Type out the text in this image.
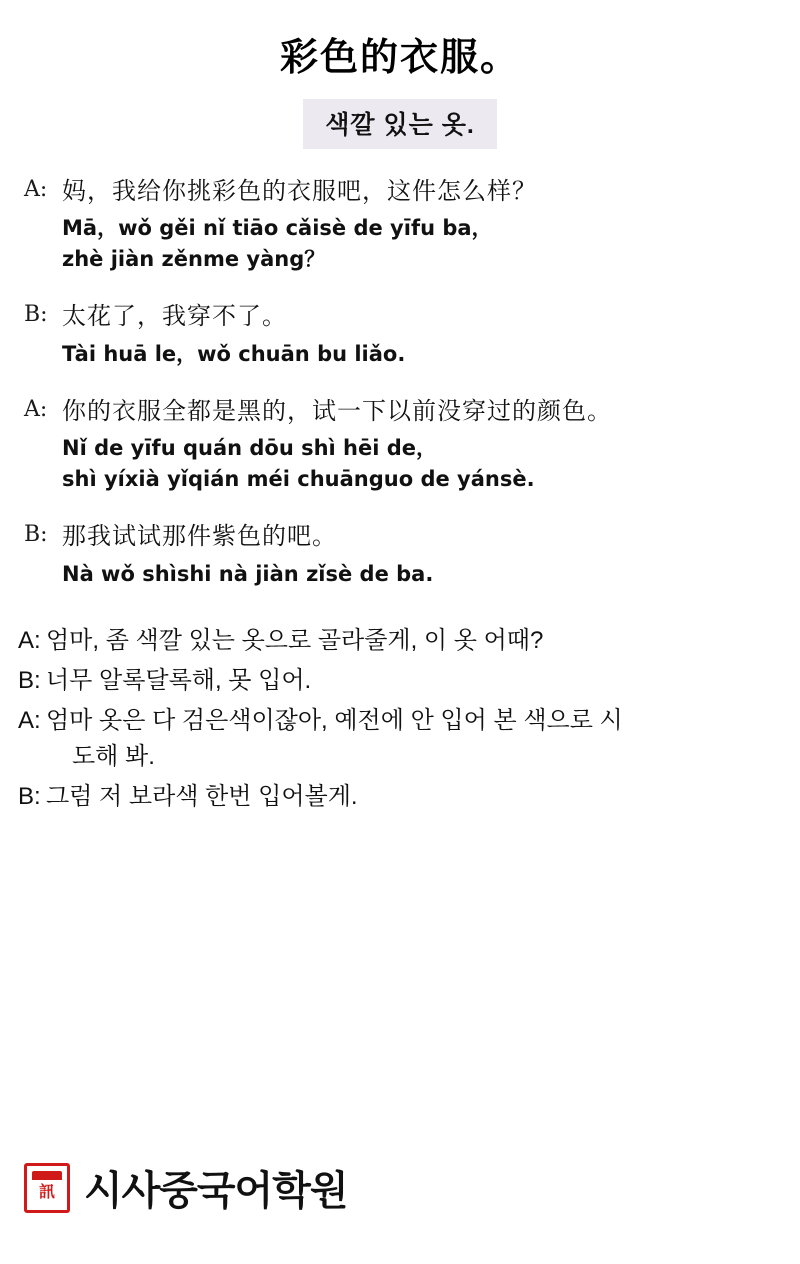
彩色的衣服。
색깔 있는 옷.
A: 妈，我给你挑彩色的衣服吧，这件怎么样？
Mā，wǒ gěi nǐ tiāo cǎisè de yīfu ba，
zhè jiàn zěnme yàng？
B: 太花了，我穿不了。
Tài huā le，wǒ chuān bu liǎo.
A: 你的衣服全都是黑的，试一下以前没穿过的颜色。
Nǐ de yīfu quán dōu shì hēi de，
shì yíxià yǐqián méi chuānguo de yánsè.
B: 那我试试那件紫色的吧。
Nà wǒ shìshi nà jiàn zǐsè de ba.
A: 엄마, 좀 색깔 있는 옷으로 골라줄게, 이 옷 어때?
B: 너무 알록달록해, 못 입어.
A: 엄마 옷은 다 검은색이잖아, 예전에 안 입어 본 색으로 시
도해 봐.
B: 그럼 저 보라색 한번 입어볼게.
訊 시사중국어학원
